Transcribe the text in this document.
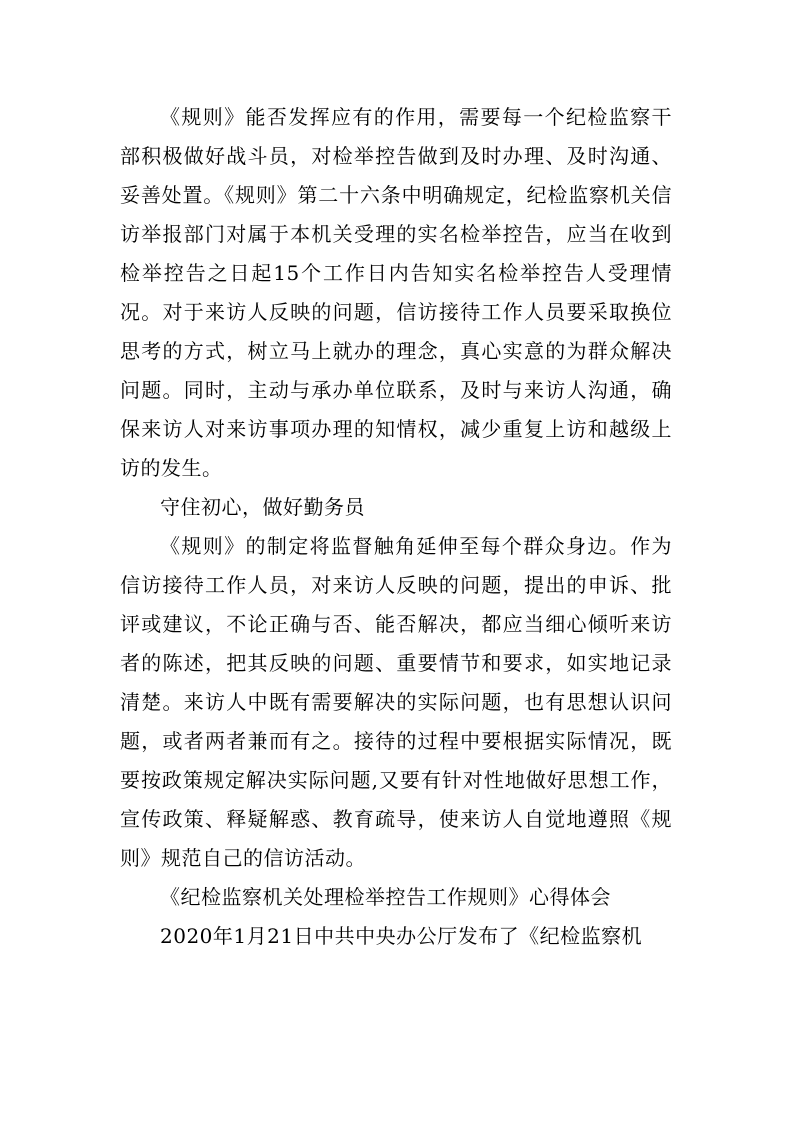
《规则》能否发挥应有的作用，需要每一个纪检监察干部积极做好战斗员，对检举控告做到及时办理、及时沟通、妥善处置。《规则》第二十六条中明确规定，纪检监察机关信访举报部门对属于本机关受理的实名检举控告，应当在收到检举控告之日起15个工作日内告知实名检举控告人受理情况。对于来访人反映的问题，信访接待工作人员要采取换位思考的方式，树立马上就办的理念，真心实意的为群众解决问题。同时，主动与承办单位联系，及时与来访人沟通，确保来访人对来访事项办理的知情权，减少重复上访和越级上访的发生。

守住初心，做好勤务员

《规则》的制定将监督触角延伸至每个群众身边。作为信访接待工作人员，对来访人反映的问题，提出的申诉、批评或建议，不论正确与否、能否解决，都应当细心倾听来访者的陈述，把其反映的问题、重要情节和要求，如实地记录清楚。来访人中既有需要解决的实际问题，也有思想认识问题，或者两者兼而有之。接待的过程中要根据实际情况，既要按政策规定解决实际问题,又要有针对性地做好思想工作，宣传政策、释疑解惑、教育疏导，使来访人自觉地遵照《规则》规范自己的信访活动。

《纪检监察机关处理检举控告工作规则》心得体会

2020年1月21日中共中央办公厅发布了《纪检监察机
